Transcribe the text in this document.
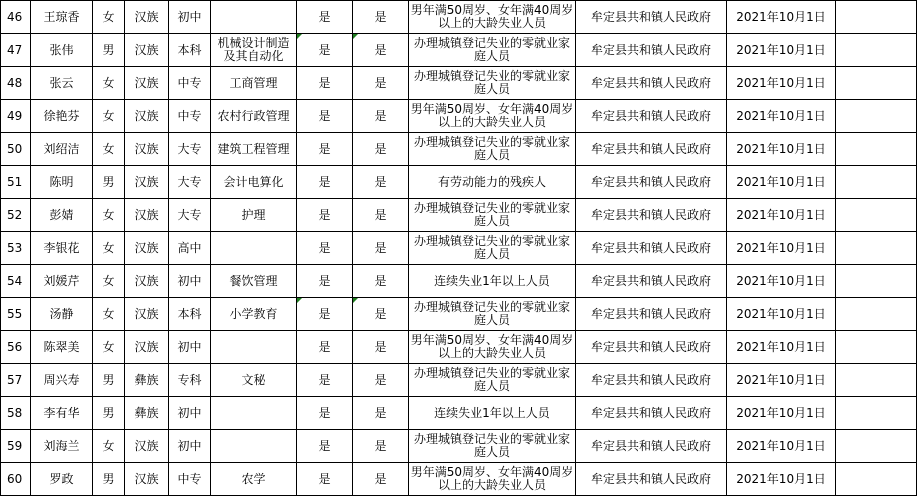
46	王琼香	女	汉族	初中		是	是	男年满50周岁、女年满40周岁以上的大龄失业人员	牟定县共和镇人民政府	2021年10月1日	
47	张伟	男	汉族	本科	机械设计制造及其自动化	是	是	办理城镇登记失业的零就业家庭人员	牟定县共和镇人民政府	2021年10月1日	
48	张云	女	汉族	中专	工商管理	是	是	办理城镇登记失业的零就业家庭人员	牟定县共和镇人民政府	2021年10月1日	
49	徐艳芬	女	汉族	中专	农村行政管理	是	是	男年满50周岁、女年满40周岁以上的大龄失业人员	牟定县共和镇人民政府	2021年10月1日	
50	刘绍洁	女	汉族	大专	建筑工程管理	是	是	办理城镇登记失业的零就业家庭人员	牟定县共和镇人民政府	2021年10月1日	
51	陈明	男	汉族	大专	会计电算化	是	是	有劳动能力的残疾人	牟定县共和镇人民政府	2021年10月1日	
52	彭婧	女	汉族	大专	护理	是	是	办理城镇登记失业的零就业家庭人员	牟定县共和镇人民政府	2021年10月1日	
53	李银花	女	汉族	高中		是	是	办理城镇登记失业的零就业家庭人员	牟定县共和镇人民政府	2021年10月1日	
54	刘媛芹	女	汉族	初中	餐饮管理	是	是	连续失业1年以上人员	牟定县共和镇人民政府	2021年10月1日	
55	汤静	女	汉族	本科	小学教育	是	是	办理城镇登记失业的零就业家庭人员	牟定县共和镇人民政府	2021年10月1日	
56	陈翠美	女	汉族	初中		是	是	男年满50周岁、女年满40周岁以上的大龄失业人员	牟定县共和镇人民政府	2021年10月1日	
57	周兴寿	男	彝族	专科	文秘	是	是	办理城镇登记失业的零就业家庭人员	牟定县共和镇人民政府	2021年10月1日	
58	李有华	男	彝族	初中		是	是	连续失业1年以上人员	牟定县共和镇人民政府	2021年10月1日	
59	刘海兰	女	汉族	初中		是	是	办理城镇登记失业的零就业家庭人员	牟定县共和镇人民政府	2021年10月1日	
60	罗政	男	汉族	中专	农学	是	是	男年满50周岁、女年满40周岁以上的大龄失业人员	牟定县共和镇人民政府	2021年10月1日	
